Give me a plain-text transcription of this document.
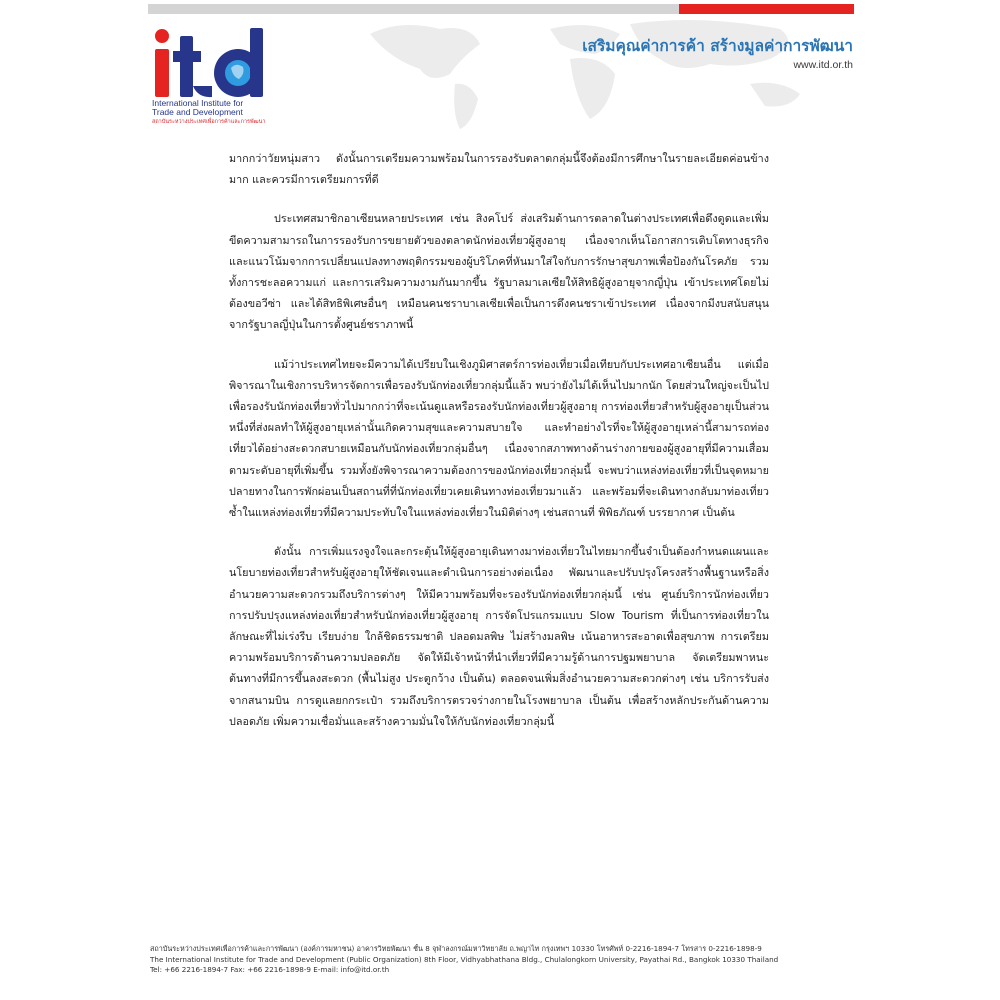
International Institute for
Trade and Development
สถาบันระหว่างประเทศเพื่อการค้าและการพัฒนา
เสริมคุณค่าการค้า สร้างมูลค่าการพัฒนา
www.itd.or.th

มากกว่าวัยหนุ่มสาว ดังนั้นการเตรียมความพร้อมในการรองรับตลาดกลุ่มนี้จึงต้องมีการศึกษาในรายละเอียดค่อนข้างมาก และควรมีการเตรียมการที่ดี

ประเทศสมาชิกอาเซียนหลายประเทศ เช่น สิงคโปร์ ส่งเสริมด้านการตลาดในต่างประเทศเพื่อดึงดูดและเพิ่มขีดความสามารถในการรองรับการขยายตัวของตลาดนักท่องเที่ยวผู้สูงอายุ เนื่องจากเห็นโอกาสการเติบโตทางธุรกิจและแนวโน้มจากการเปลี่ยนแปลงทางพฤติกรรมของผู้บริโภคที่หันมาใส่ใจกับการรักษาสุขภาพเพื่อป้องกันโรคภัย รวมทั้งการชะลอความแก่ และการเสริมความงามกันมากขึ้น รัฐบาลมาเลเซียให้สิทธิผู้สูงอายุจากญี่ปุ่น เข้าประเทศโดยไม่ต้องขอวีซ่า และได้สิทธิพิเศษอื่นๆ เหมือนคนชราบาเลเซียเพื่อเป็นการดึงคนชราเข้าประเทศ เนื่องจากมีงบสนับสนุนจากรัฐบาลญี่ปุ่นในการตั้งศูนย์ชราภาพนี้

แม้ว่าประเทศไทยจะมีความได้เปรียบในเชิงภูมิศาสตร์การท่องเที่ยวเมื่อเทียบกับประเทศอาเซียนอื่น แต่เมื่อพิจารณาในเชิงการบริหารจัดการเพื่อรองรับนักท่องเที่ยวกลุ่มนี้แล้ว พบว่ายังไม่ได้เห็นไปมากนัก โดยส่วนใหญ่จะเป็นไปเพื่อรองรับนักท่องเที่ยวทั่วไปมากกว่าที่จะเน้นดูแลหรือรองรับนักท่องเที่ยวผู้สูงอายุ การท่องเที่ยวสำหรับผู้สูงอายุเป็นส่วนหนึ่งที่ส่งผลทำให้ผู้สูงอายุเหล่านั้นเกิดความสุขและความสบายใจ และทำอย่างไรที่จะให้ผู้สูงอายุเหล่านี้สามารถท่องเที่ยวได้อย่างสะดวกสบายเหมือนกับนักท่องเที่ยวกลุ่มอื่นๆ เนื่องจากสภาพทางด้านร่างกายของผู้สูงอายุที่มีความเสื่อมตามระดับอายุที่เพิ่มขึ้น รวมทั้งยังพิจารณาความต้องการของนักท่องเที่ยวกลุ่มนี้ จะพบว่าแหล่งท่องเที่ยวที่เป็นจุดหมายปลายทางในการพักผ่อนเป็นสถานที่ที่นักท่องเที่ยวเคยเดินทางท่องเที่ยวมาแล้ว และพร้อมที่จะเดินทางกลับมาท่องเที่ยวซ้ำในแหล่งท่องเที่ยวที่มีความประทับใจในแหล่งท่องเที่ยวในมิติต่างๆ เช่นสถานที่ พิพิธภัณฑ์ บรรยากาศ เป็นต้น

ดังนั้น การเพิ่มแรงจูงใจและกระตุ้นให้ผู้สูงอายุเดินทางมาท่องเที่ยวในไทยมากขึ้นจำเป็นต้องกำหนดแผนและนโยบายท่องเที่ยวสำหรับผู้สูงอายุให้ชัดเจนและดำเนินการอย่างต่อเนื่อง พัฒนาและปรับปรุงโครงสร้างพื้นฐานหรือสิ่งอำนวยความสะดวกรวมถึงบริการต่างๆ ให้มีความพร้อมที่จะรองรับนักท่องเที่ยวกลุ่มนี้ เช่น ศูนย์บริการนักท่องเที่ยว การปรับปรุงแหล่งท่องเที่ยวสำหรับนักท่องเที่ยวผู้สูงอายุ การจัดโปรแกรมแบบ Slow Tourism ที่เป็นการท่องเที่ยวในลักษณะที่ไม่เร่งรีบ เรียบง่าย ใกล้ชิดธรรมชาติ ปลอดมลพิษ ไม่สร้างมลพิษ เน้นอาหารสะอาดเพื่อสุขภาพ การเตรียมความพร้อมบริการด้านความปลอดภัย จัดให้มีเจ้าหน้าที่นำเที่ยวที่มีความรู้ด้านการปฐมพยาบาล จัดเตรียมพาหนะต้นทางที่มีการขึ้นลงสะดวก (พื้นไม่สูง ประตูกว้าง เป็นต้น) ตลอดจนเพิ่มสิ่งอำนวยความสะดวกต่างๆ เช่น บริการรับส่งจากสนามบิน การดูแลยกกระเป๋า รวมถึงบริการตรวจร่างกายในโรงพยาบาล เป็นต้น เพื่อสร้างหลักประกันด้านความปลอดภัย เพิ่มความเชื่อมั่นและสร้างความมั่นใจให้กับนักท่องเที่ยวกลุ่มนี้

สถาบันระหว่างประเทศเพื่อการค้าและการพัฒนา (องค์การมหาชน) อาคารวิทยพัฒนา ชั้น 8 จุฬาลงกรณ์มหาวิทยาลัย ถ.พญาไท กรุงเทพฯ 10330 โทรศัพท์ 0-2216-1894-7 โทรสาร 0-2216-1898-9
The International Institute for Trade and Development (Public Organization) 8th Floor, Vidhyabhathana Bldg., Chulalongkorn University, Payathai Rd., Bangkok 10330 Thailand
Tel: +66 2216-1894-7 Fax: +66 2216-1898-9 E-mail: info@itd.or.th
